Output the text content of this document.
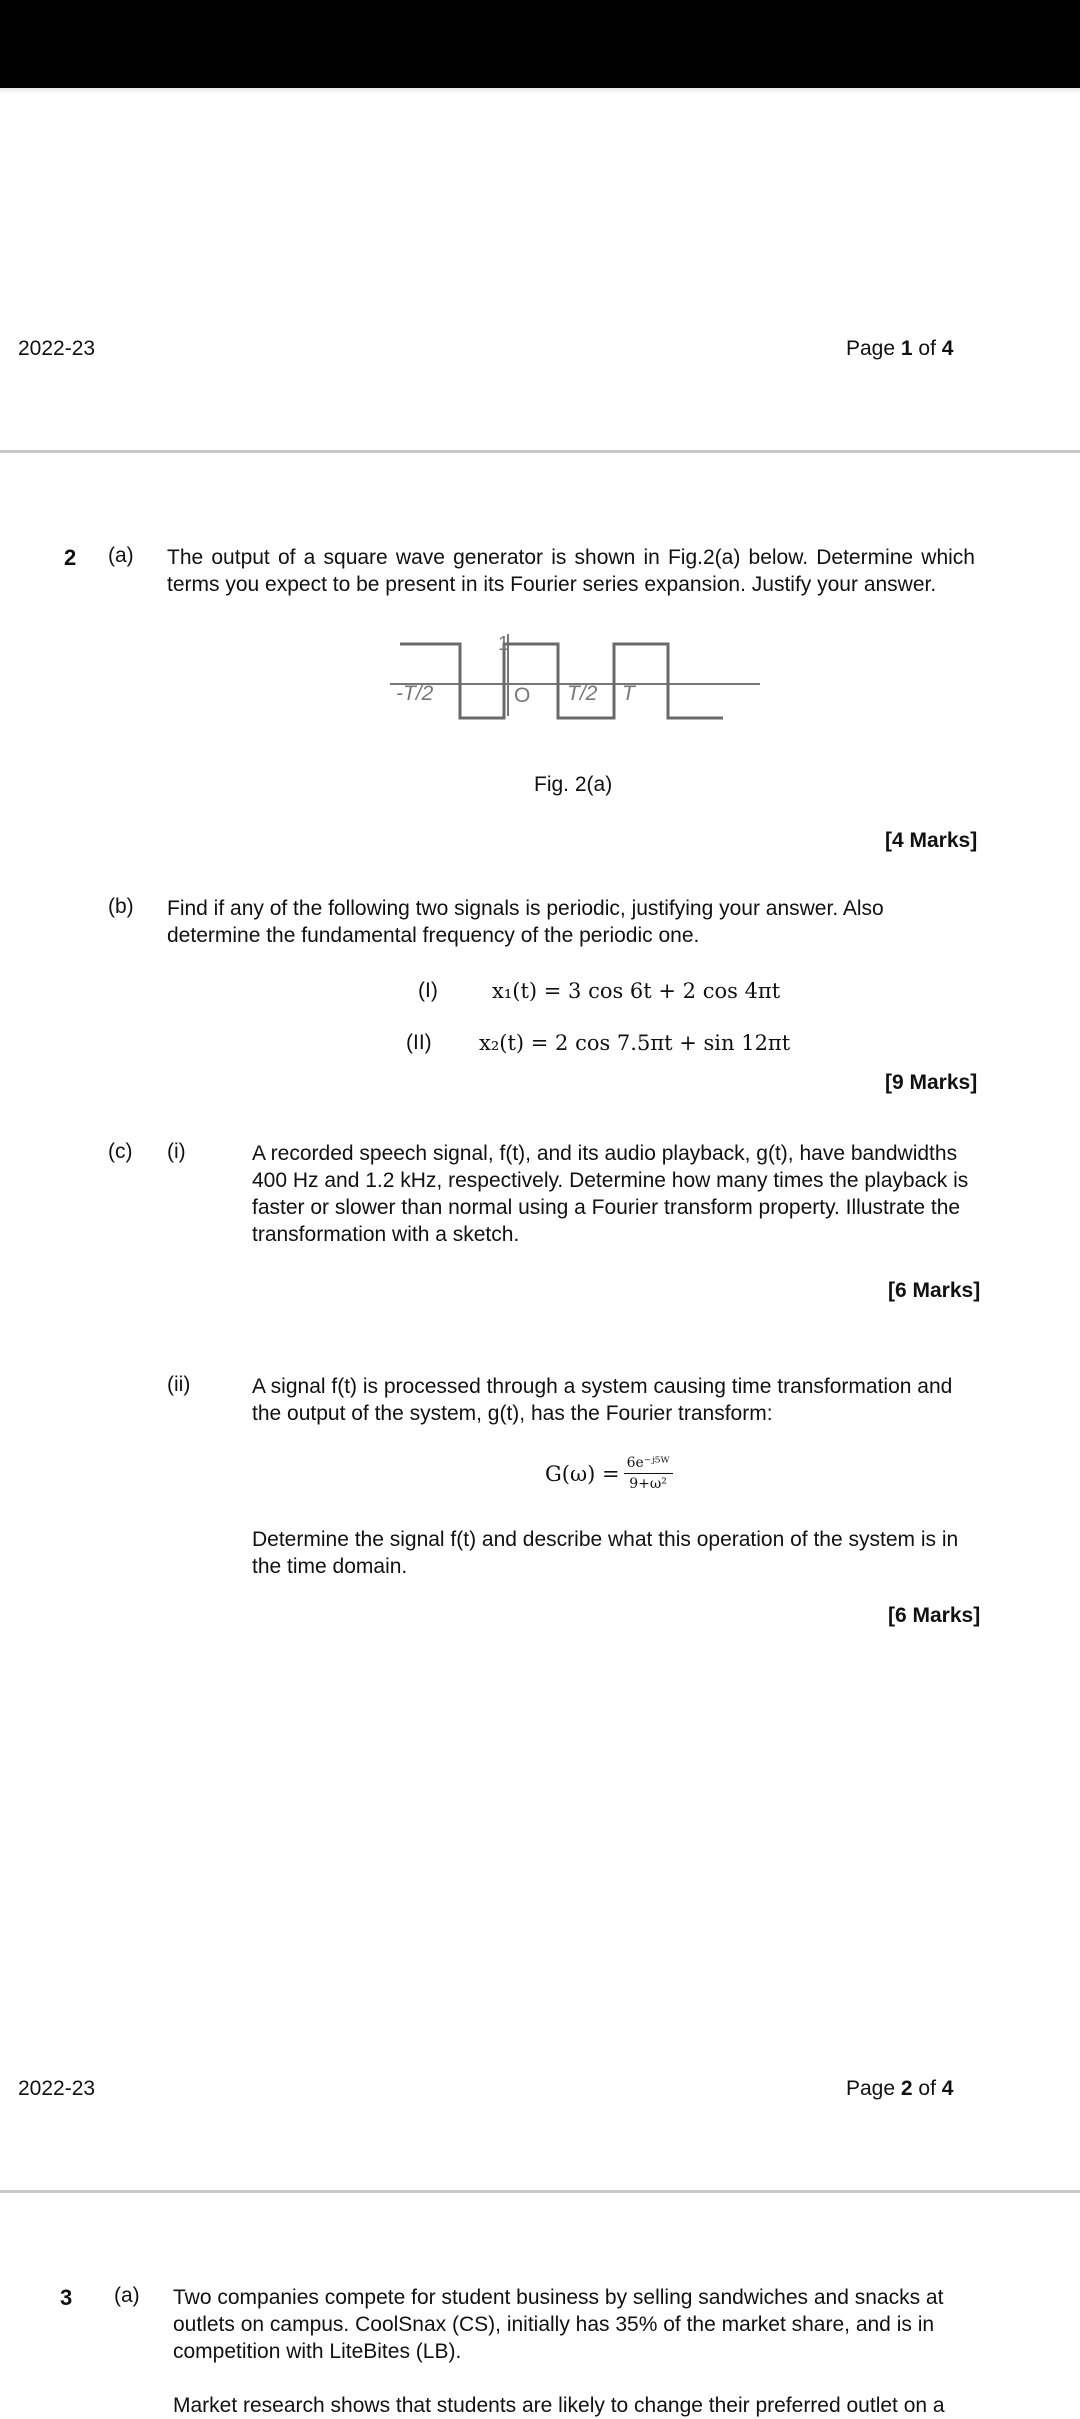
2022-23	Page 1 of 4
2 (a) The output of a square wave generator is shown in Fig.2(a) below. Determine which terms you expect to be present in its Fourier series expansion. Justify your answer.
1
-T/2	O T/2 T
Fig. 2(a)
[4 Marks]
(b) Find if any of the following two signals is periodic, justifying your answer. Also determine the fundamental frequency of the periodic one.
(I)	x₁(t) = 3 cos 6t + 2 cos 4πt
(II) x₂(t) = 2 cos 7.5πt + sin 12πt
[9 Marks]
(c) (i)	A recorded speech signal, f(t), and its audio playback, g(t), have bandwidths 400 Hz and 1.2 kHz, respectively. Determine how many times the playback is faster or slower than normal using a Fourier transform property. Illustrate the transformation with a sketch.
[6 Marks]
(ii)	A signal f(t) is processed through a system causing time transformation and the output of the system, g(t), has the Fourier transform:
$G(\omega) = \frac{\text{6e⁻ʲ⁵ᵂ}}{\text{9+ω²}}$
Determine the signal f(t) and describe what this operation of the system is in the time domain.
[6 Marks]
2022-23	Page 2 of 4
3 (a) Two companies compete for student business by selling sandwiches and snacks at outlets on campus. CoolSnax (CS), initially has 35% of the market share, and is in competition with LiteBites (LB).
Market research shows that students are likely to change their preferred outlet on a
